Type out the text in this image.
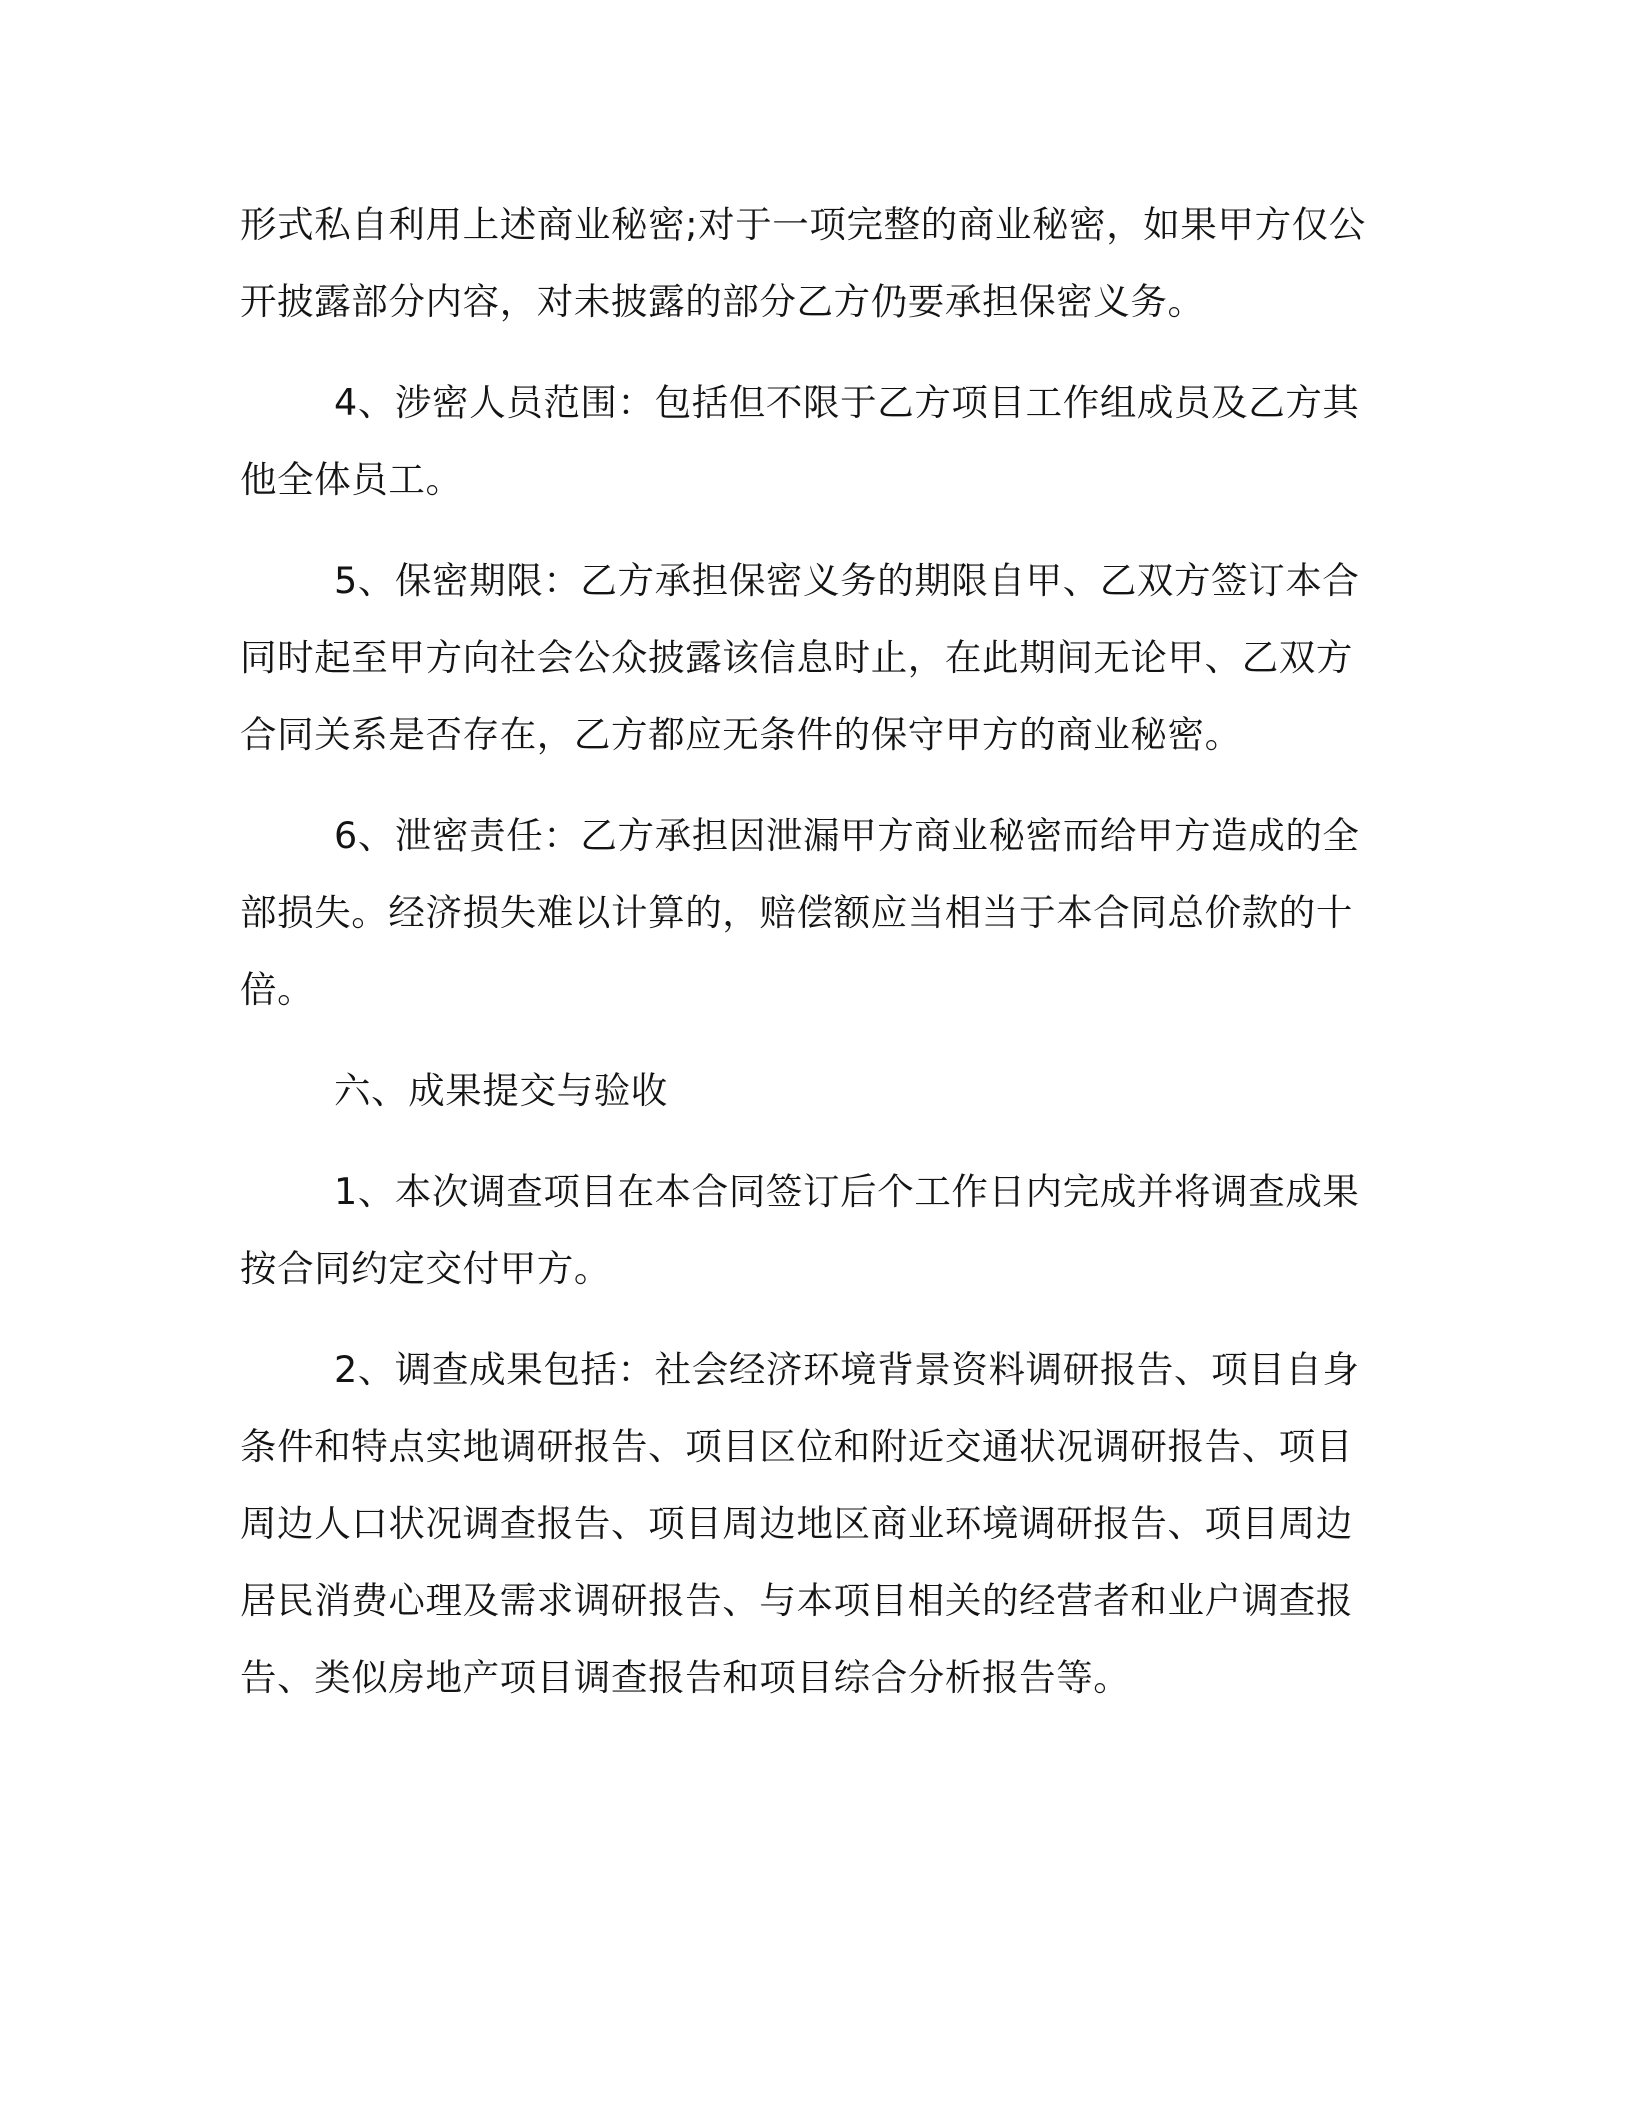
形式私自利用上述商业秘密;对于一项完整的商业秘密，如果甲方仅公
开披露部分内容，对未披露的部分乙方仍要承担保密义务。

4、涉密人员范围：包括但不限于乙方项目工作组成员及乙方其
他全体员工。

5、保密期限：乙方承担保密义务的期限自甲、乙双方签订本合
同时起至甲方向社会公众披露该信息时止，在此期间无论甲、乙双方
合同关系是否存在，乙方都应无条件的保守甲方的商业秘密。

6、泄密责任：乙方承担因泄漏甲方商业秘密而给甲方造成的全
部损失。经济损失难以计算的，赔偿额应当相当于本合同总价款的十
倍。

六、成果提交与验收

1、本次调查项目在本合同签订后个工作日内完成并将调查成果
按合同约定交付甲方。

2、调查成果包括：社会经济环境背景资料调研报告、项目自身
条件和特点实地调研报告、项目区位和附近交通状况调研报告、项目
周边人口状况调查报告、项目周边地区商业环境调研报告、项目周边
居民消费心理及需求调研报告、与本项目相关的经营者和业户调查报
告、类似房地产项目调查报告和项目综合分析报告等。
